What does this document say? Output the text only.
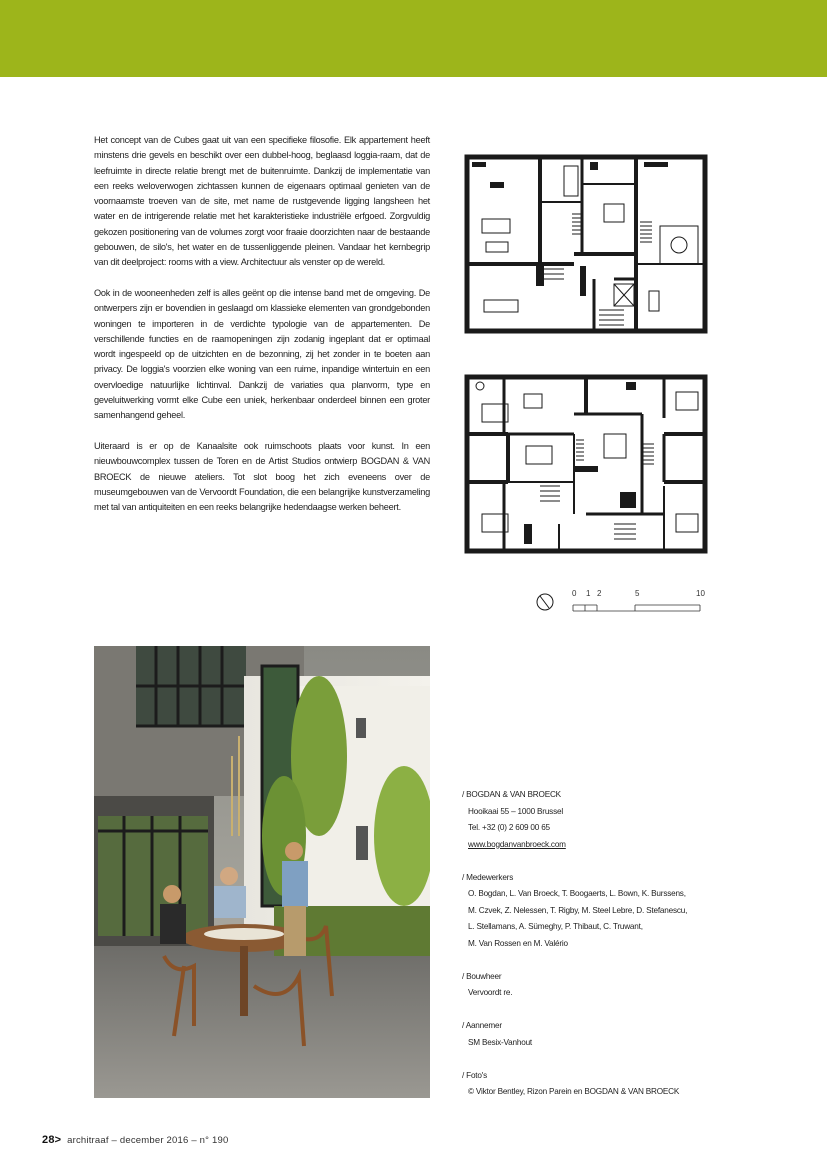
Het concept van de Cubes gaat uit van een specifieke filosofie. Elk appartement heeft minstens drie gevels en beschikt over een dubbel-hoog, beglaasd loggia-raam, dat de leefruimte in directe relatie brengt met de buitenruimte. Dankzij de implementatie van een reeks weloverwogen zichtassen kunnen de eigenaars optimaal genieten van de voornaamste troeven van de site, met name de rustgevende ligging langsheen het water en de intrigerende relatie met het karakteristieke industriële erfgoed. Zorgvuldig gekozen positionering van de volumes zorgt voor fraaie doorzichten naar de bestaande gebouwen, de silo's, het water en de tussenliggende pleinen. Vandaar het kernbegrip van dit deelproject: rooms with a view. Architectuur als venster op de wereld.

Ook in de wooneenheden zelf is alles geënt op die intense band met de omgeving. De ontwerpers zijn er bovendien in geslaagd om klassieke elementen van grondgebonden woningen te importeren in de verdichte typologie van de appartementen. De verschillende functies en de raamopeningen zijn zodanig ingeplant dat er optimaal wordt ingespeeld op de uitzichten en de bezonning, zij het zonder in te boeten aan privacy. De loggia's voorzien elke woning van een ruime, inpandige wintertuin en een overvloedige natuurlijke lichtinval. Dankzij de variaties qua planvorm, type en geveluitwerking vormt elke Cube een uniek, herkenbaar onderdeel binnen een groter samenhangend geheel.

Uiteraard is er op de Kanaalsite ook ruimschoots plaats voor kunst. In een nieuwbouwcomplex tussen de Toren en de Artist Studios ontwierp BOGDAN & VAN BROECK de nieuwe ateliers. Tot slot boog het zich eveneens over de museumgebouwen van de Vervoordt Foundation, die een belangrijke kunstverzameling met tal van antiquiteiten en een reeks belangrijke hedendaagse werken beheert.

0 1 2	5	10
/ BOGDAN & VAN BROECK
Hooikaai 55 – 1000 Brussel
Tel. +32 (0) 2 609 00 65
www.bogdanvanbroeck.com
/ Medewerkers
O. Bogdan, L. Van Broeck, T. Boogaerts, L. Bown, K. Burssens,
M. Czvek, Z. Nelessen, T. Rigby, M. Steel Lebre, D. Stefanescu,
L. Stellamans, A. Sümeghy, P. Thibaut, C. Truwant,
M. Van Rossen en M. Valério
/ Bouwheer
Vervoordt re.
/ Aannemer
SM Besix-Vanhout
/ Foto's
© Viktor Bentley, Rizon Parein en BOGDAN & VAN BROECK
28> architraaf – december 2016 – n° 190
